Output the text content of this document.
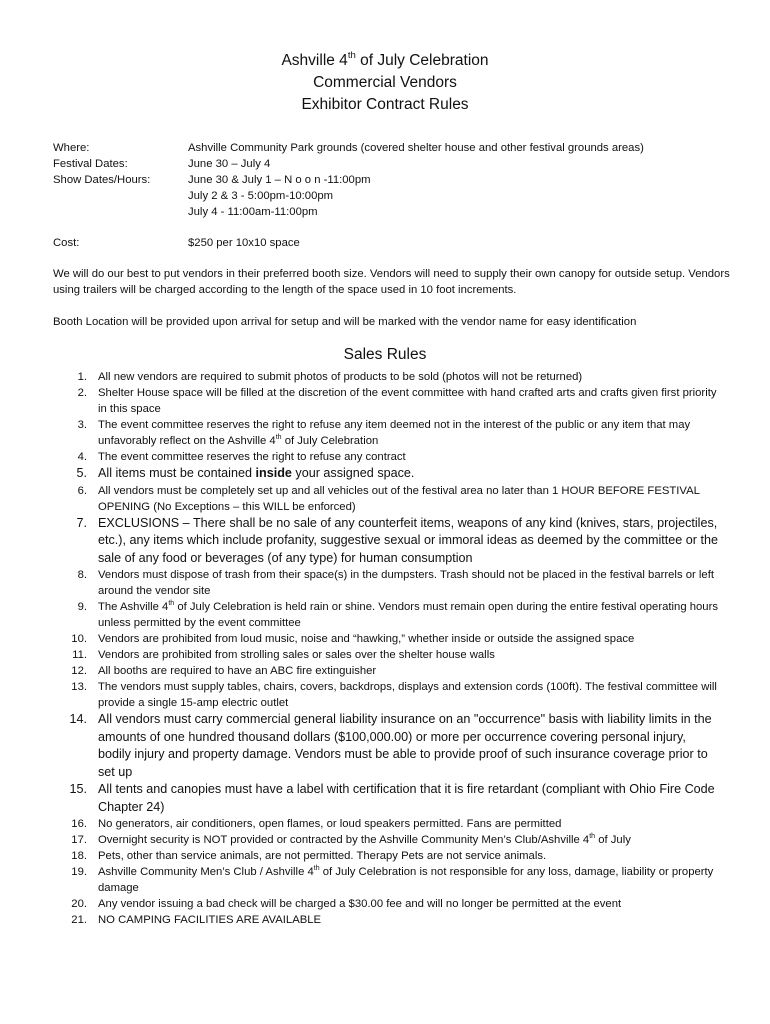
Ashville 4th of July Celebration
Commercial Vendors
Exhibitor Contract Rules
Where:	Ashville Community Park grounds (covered shelter house and other festival grounds areas)
Festival Dates:	June 30 – July 4
Show Dates/Hours:	June 30 & July 1 – N o o n -11:00pm
July 2 & 3 - 5:00pm-10:00pm
July 4 - 11:00am-11:00pm
Cost:	$250 per 10x10 space
We will do our best to put vendors in their preferred booth size. Vendors will need to supply their own canopy for outside setup. Vendors using trailers will be charged according to the length of the space used in 10 foot increments.
Booth Location will be provided upon arrival for setup and will be marked with the vendor name for easy identification
Sales Rules
1. All new vendors are required to submit photos of products to be sold (photos will not be returned)
2. Shelter House space will be filled at the discretion of the event committee with hand crafted arts and crafts given first priority in this space
3. The event committee reserves the right to refuse any item deemed not in the interest of the public or any item that may unfavorably reflect on the Ashville 4th of July Celebration
4. The event committee reserves the right to refuse any contract
5. All items must be contained inside your assigned space.
6. All vendors must be completely set up and all vehicles out of the festival area no later than 1 HOUR BEFORE FESTIVAL OPENING (No Exceptions – this WILL be enforced)
7. EXCLUSIONS – There shall be no sale of any counterfeit items, weapons of any kind (knives, stars, projectiles, etc.), any items which include profanity, suggestive sexual or immoral ideas as deemed by the committee or the sale of any food or beverages (of any type) for human consumption
8. Vendors must dispose of trash from their space(s) in the dumpsters. Trash should not be placed in the festival barrels or left around the vendor site
9. The Ashville 4th of July Celebration is held rain or shine. Vendors must remain open during the entire festival operating hours unless permitted by the event committee
10. Vendors are prohibited from loud music, noise and “hawking,” whether inside or outside the assigned space
11. Vendors are prohibited from strolling sales or sales over the shelter house walls
12. All booths are required to have an ABC fire extinguisher
13. The vendors must supply tables, chairs, covers, backdrops, displays and extension cords (100ft). The festival committee will provide a single 15-amp electric outlet
14. All vendors must carry commercial general liability insurance on an "occurrence" basis with liability limits in the amounts of one hundred thousand dollars ($100,000.00) or more per occurrence covering personal injury, bodily injury and property damage. Vendors must be able to provide proof of such insurance coverage prior to set up
15. All tents and canopies must have a label with certification that it is fire retardant (compliant with Ohio Fire Code Chapter 24)
16. No generators, air conditioners, open flames, or loud speakers permitted. Fans are permitted
17. Overnight security is NOT provided or contracted by the Ashville Community Men’s Club/Ashville 4th of July
18. Pets, other than service animals, are not permitted. Therapy Pets are not service animals.
19. Ashville Community Men’s Club / Ashville 4th of July Celebration is not responsible for any loss, damage, liability or property damage
20. Any vendor issuing a bad check will be charged a $30.00 fee and will no longer be permitted at the event
21. NO CAMPING FACILITIES ARE AVAILABLE
